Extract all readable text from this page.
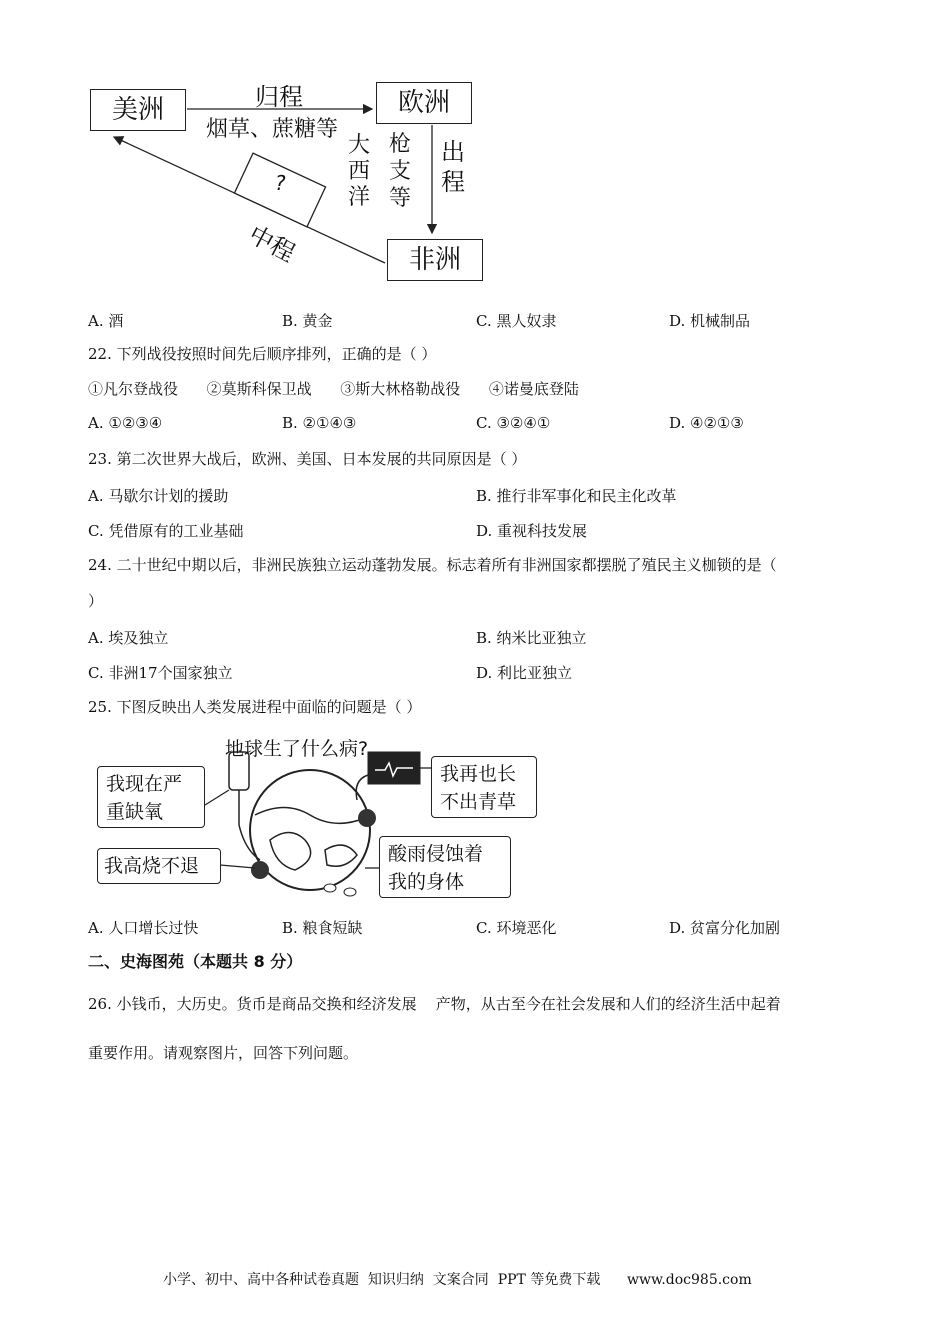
美洲	欧洲
非洲
归程
烟草、蔗糖等
大西洋
枪支等
出程
中程
?
A. 酒	B. 黄金	C. 黑人奴隶	D. 机械制品
22. 下列战役按照时间先后顺序排列，正确的是（ ）
①凡尔登战役      ②莫斯科保卫战      ③斯大林格勒战役      ④诺曼底登陆
A. ①②③④	B. ②①④③	C. ③②④①	D. ④②①③
23. 第二次世界大战后，欧洲、美国、日本发展的共同原因是（ ）
A. 马歇尔计划的援助	B. 推行非军事化和民主化改革
C. 凭借原有的工业基础	D. 重视科技发展
24. 二十世纪中期以后，非洲民族独立运动蓬勃发展。标志着所有非洲国家都摆脱了殖民主义枷锁的是（
）
A. 埃及独立	B. 纳米比亚独立
C. 非洲17个国家独立	D. 利比亚独立
25. 下图反映出人类发展进程中面临的问题是（ ）
地球生了什么病?
我现在严
重缺氧
我再也长
不出青草
我高烧不退
酸雨侵蚀着
我的身体
A. 人口增长过快	B. 粮食短缺	C. 环境恶化	D. 贫富分化加剧
二、史海图苑（本题共 8 分）
26. 小钱币，大历史。货币是商品交换和经济发展    产物，从古至今在社会发展和人们的经济生活中起着
重要作用。请观察图片，回答下列问题。
小学、初中、高中各种试卷真题  知识归纳  文案合同  PPT 等免费下载      www.doc985.com
